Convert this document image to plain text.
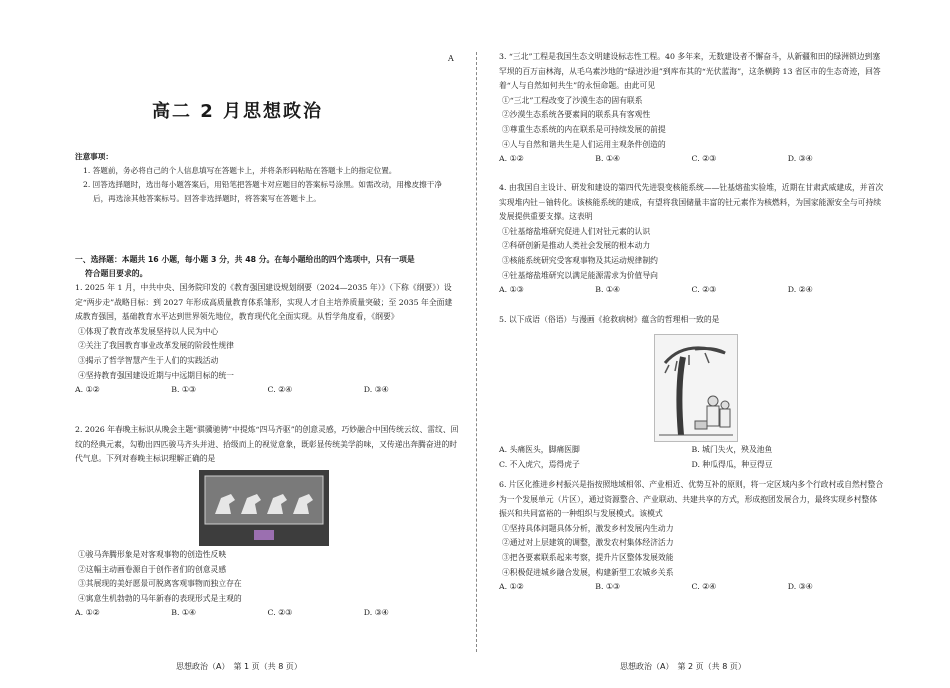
A
高二 2 月思想政治
注意事项：
1. 答题前，务必将自己的个人信息填写在答题卡上，并将条形码粘贴在答题卡上的指定位置。
2. 回答选择题时，选出每小题答案后，用铅笔把答题卡对应题目的答案标号涂黑。如需改动，用橡皮擦干净后，再选涂其他答案标号。回答非选择题时，将答案写在答题卡上。
一、选择题：本题共 16 小题，每小题 3 分，共 48 分。在每小题给出的四个选项中，只有一项是
符合题目要求的。
1. 2025 年 1 月，中共中央、国务院印发的《教育强国建设规划纲要（2024—2035 年）》（下称《纲要》）设定“两步走”战略目标：到 2027 年形成高质量教育体系雏形，实现人才自主培养质量突破；至 2035 年全面建成教育强国，基础教育水平达到世界领先地位，教育现代化全面实现。从哲学角度看，《纲要》
①体现了教育改革发展坚持以人民为中心
②关注了我国教育事业改革发展的阶段性规律
③揭示了哲学智慧产生于人们的实践活动
④坚持教育强国建设近期与中远期目标的统一
A. ①②	B. ①③	C. ②④	D. ③④
2. 2026 年春晚主标识从晚会主题“骐骥驰骋”中提炼“四马齐驱”的创意灵感，巧妙融合中国传统云纹、雷纹、回纹的经典元素，勾勒出四匹骏马齐头并进、拾级而上的视觉意象，既彰显传统美学韵味，又传递出奔腾奋进的时代气息。下列对春晚主标识理解正确的是
①骏马奔腾形象是对客观事物的创造性反映
②这幅主动画卷源自于创作者们的创意灵感
③其展现的美好愿景可脱离客观事物而独立存在
④寓意生机勃勃的马年新春的表现形式是主观的
A. ①②	B. ①④	C. ②③	D. ③④
思想政治（A）　第 1 页（共 8 页）
3. “三北”工程是我国生态文明建设标志性工程。40 多年来，无数建设者不懈奋斗，从新疆和田的绿洲锁边到塞罕坝的百万亩林海，从毛乌素沙地的“绿进沙退”到库布其的“光伏蓝海”，这条横跨 13 省区市的生态奇迹，回答着“人与自然如何共生”的永恒命题。由此可见
①“三北”工程改变了沙漠生态的固有联系
②沙漠生态系统各要素间的联系具有客观性
③尊重生态系统的内在联系是可持续发展的前提
④人与自然和谐共生是人们运用主观条件创造的
A. ①②	B. ①④	C. ②③	D. ③④
4. 由我国自主设计、研发和建设的第四代先进裂变核能系统——钍基熔盐实验堆，近期在甘肃武威建成，并首次实现堆内钍－铀转化。该核能系统的建成，有望将我国储量丰富的钍元素作为核燃料，为国家能源安全与可持续发展提供重要支撑。这表明
①钍基熔盐堆研究促进人们对钍元素的认识
②科研创新是推动人类社会发展的根本动力
③核能系统研究受客观事物及其运动规律制约
④钍基熔盐堆研究以满足能源需求为价值导向
A. ①③	B. ①④	C. ②③	D. ②④
5. 以下成语（俗语）与漫画《抢救病树》蕴含的哲理相一致的是
A. 头痛医头，脚痛医脚	B. 城门失火，殃及池鱼
C. 不入虎穴，焉得虎子	D. 种瓜得瓜，种豆得豆
6. 片区化推进乡村振兴是指按照地域相邻、产业相近、优势互补的原则，将一定区域内多个行政村或自然村整合为一个发展单元（片区），通过资源整合、产业联动、共建共享的方式，形成抱团发展合力，最终实现乡村整体振兴和共同富裕的一种组织与发展模式。该模式
①坚持具体问题具体分析，激发乡村发展内生动力
②通过对上层建筑的调整，激发农村集体经济活力
③把各要素联系起来考察，提升片区整体发展效能
④积极促进城乡融合发展，构建新型工农城乡关系
A. ①②	B. ①③	C. ②④	D. ③④
思想政治（A）　第 2 页（共 8 页）
